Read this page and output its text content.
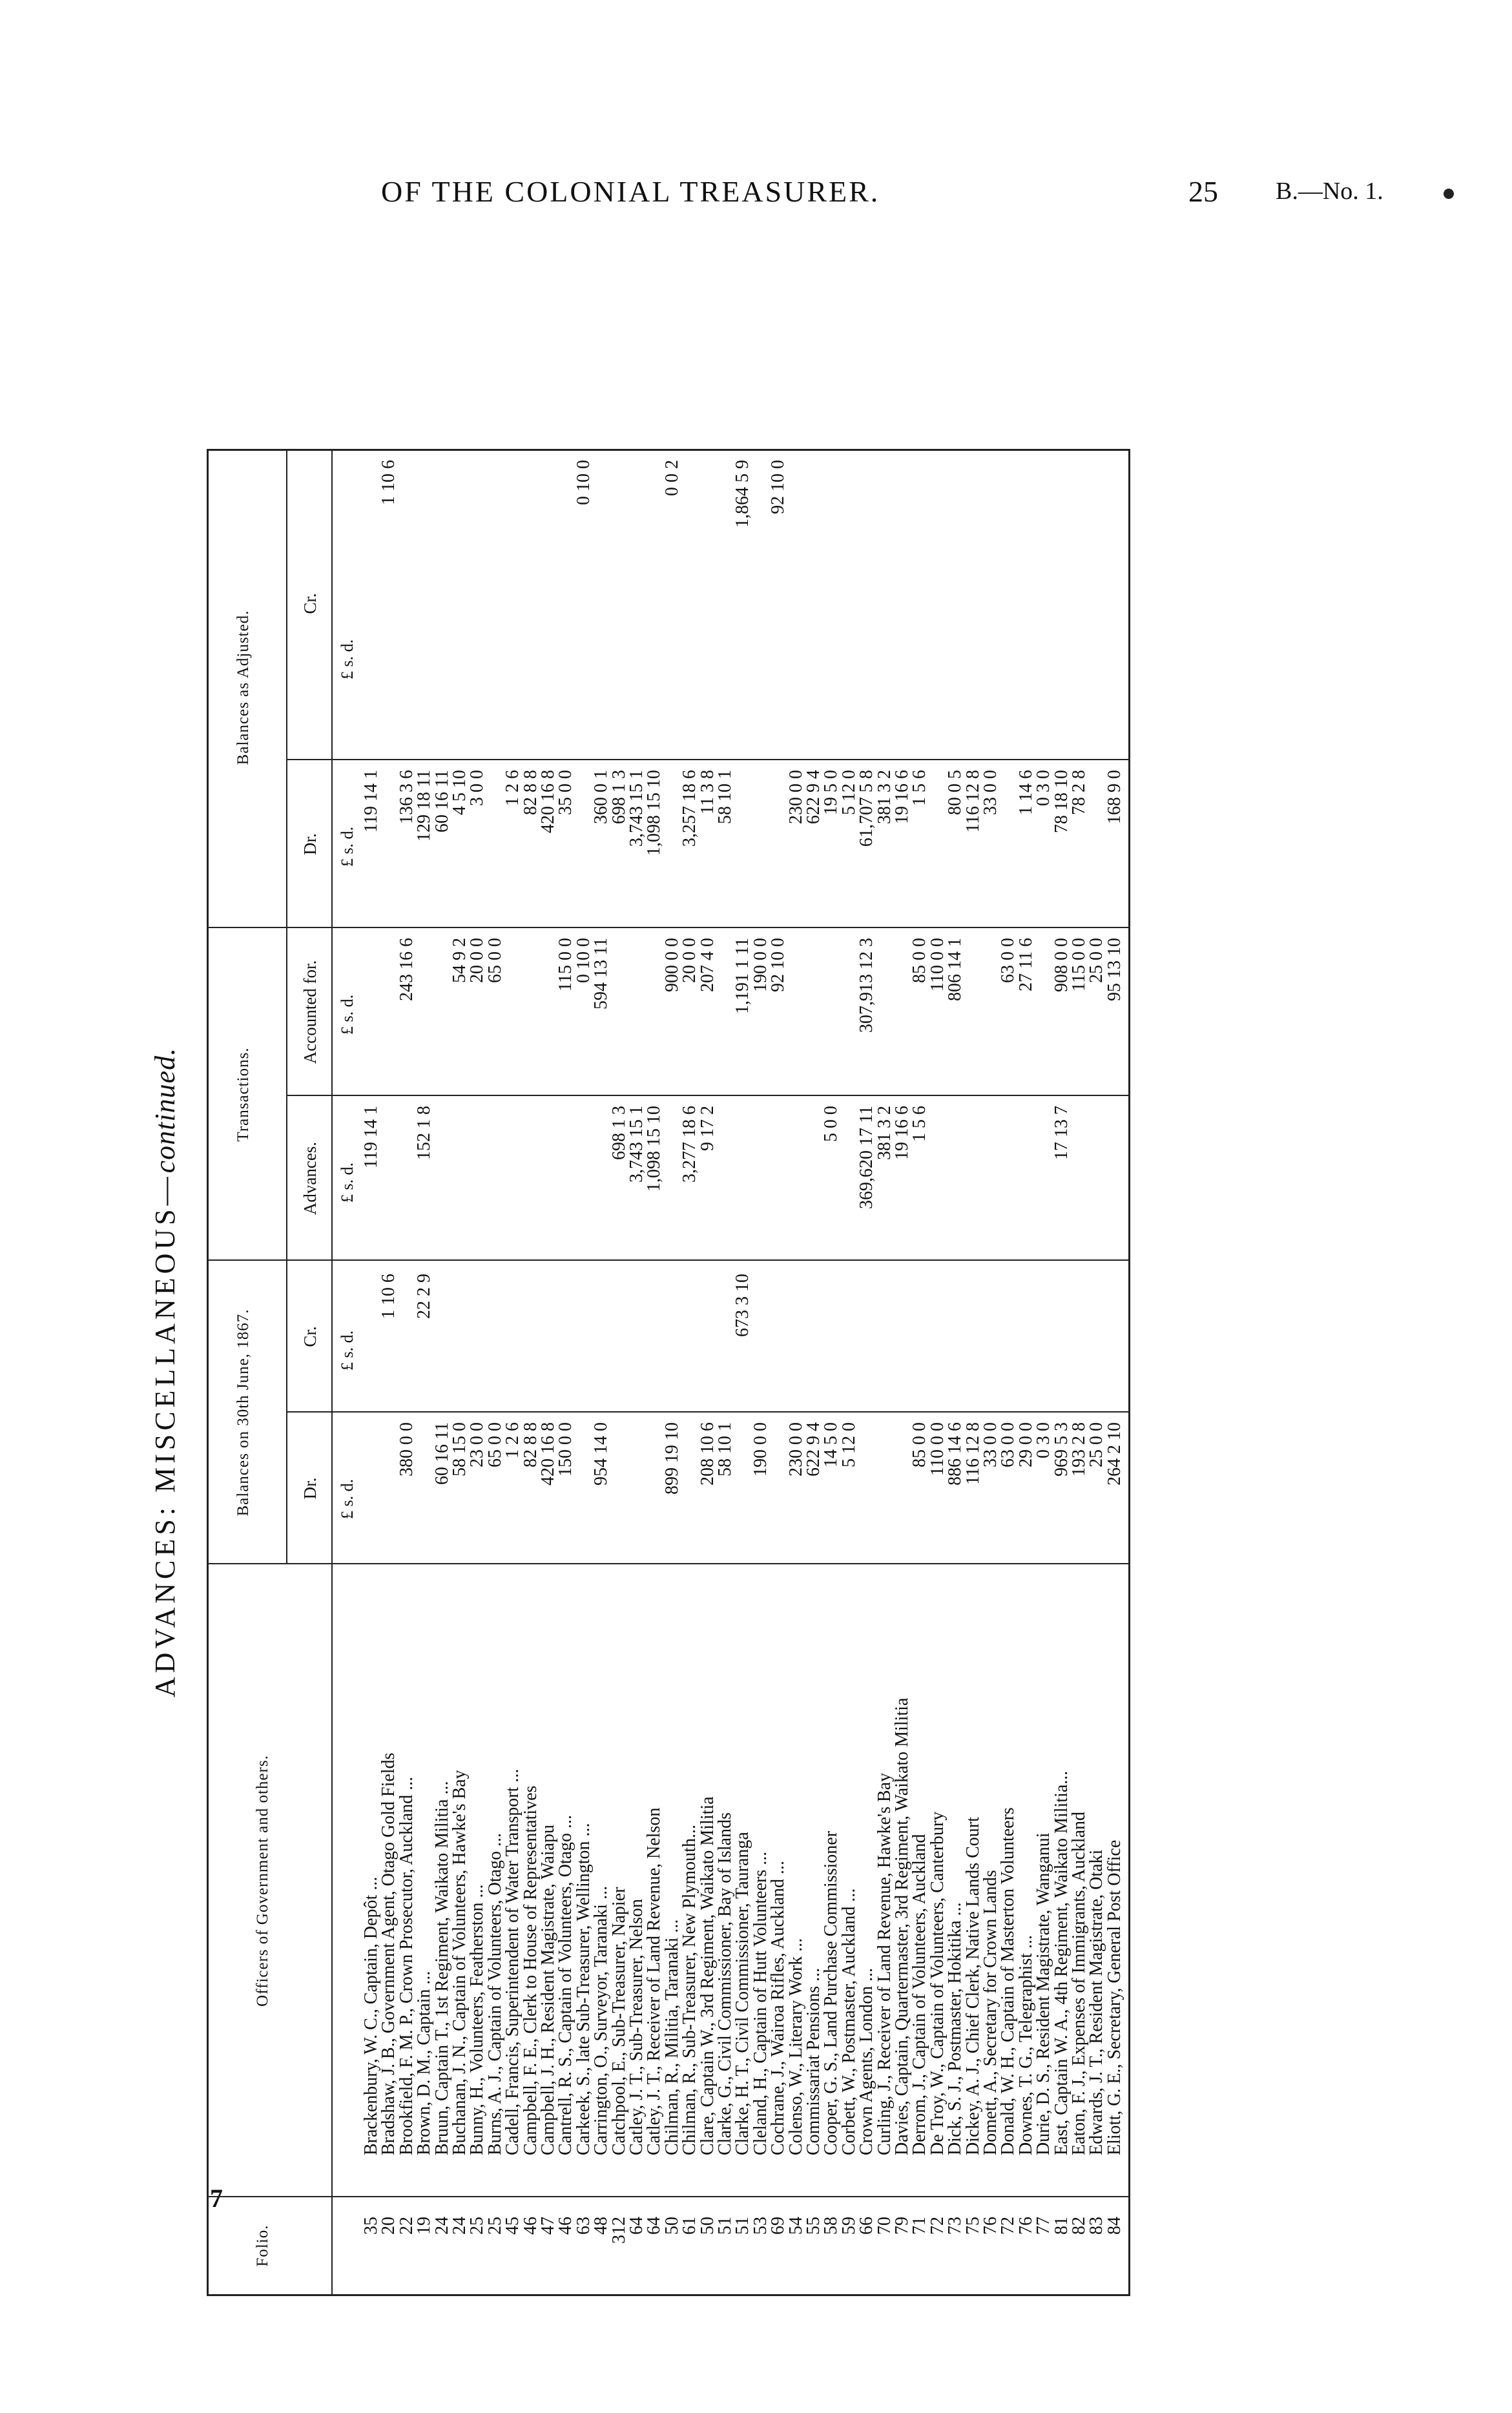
OF THE COLONIAL TREASURER.	25 B.—No. 1.
7
ADVANCES: MISCELLANEOUS—continued.
Folio.
Officers of Government and others.
Balances on 30th June, 1867.
Transactions.
Balances as Adjusted.
Dr.
Cr.
Advances.
Accounted for.
Dr.
Cr.
£ s. d.
£ s. d.
£ s. d.
£ s. d.
£ s. d.
£ s. d.
35
Brackenbury, W. C., Captain, Depôt ...
119 14 1
119 14 1
20
Bradshaw, J. B., Government Agent, Otago Gold Fields
1 10 6
1 10 6
22
Brookfield, F. M. P., Crown Prosecutor, Auckland ...
380 0 0
243 16 6
136 3 6
19
Brown, D. M., Captain ...
22 2 9
152 1 8
129 18 11
24
Bruun, Captain T., 1st Regiment, Waikato Militia ...
60 16 11
60 16 11
24
Buchanan, J. N., Captain of Volunteers, Hawke's Bay
58 15 0
54 9 2
4 5 10
25
Bunny, H., Volunteers, Featherston ...
23 0 0
20 0 0
3 0 0
25
Burns, A. J., Captain of Volunteers, Otago ...
65 0 0
65 0 0
45
Cadell, Francis, Superintendent of Water Transport ...
1 2 6
1 2 6
46
Campbell, F. E., Clerk to House of Representatives
82 8 8
82 8 8
47
Campbell, J. H., Resident Magistrate, Waiapu
420 16 8
420 16 8
46
Cantrell, R. S., Captain of Volunteers, Otago ...
150 0 0
115 0 0
35 0 0
63
Carkeek, S., late Sub-Treasurer, Wellington ...
0 10 0
0 10 0
48
Carrington, O., Surveyor, Taranaki ...
954 14 0
594 13 11
360 0 1
312
Catchpool, E., Sub-Treasurer, Napier
698 1 3
698 1 3
64
Catley, J. T., Sub-Treasurer, Nelson
3,743 15 1
3,743 15 1
64
Catley, J. T., Receiver of Land Revenue, Nelson
1,098 15 10
1,098 15 10
50
Chilman, R., Militia, Taranaki ...
899 19 10
900 0 0
0 0 2
61
Chilman, R., Sub-Treasurer, New Plymouth...
3,277 18 6
20 0 0
3,257 18 6
50
Clare, Captain W., 3rd Regiment, Waikato Militia
208 10 6
9 17 2
207 4 0
11 3 8
51
Clarke, G., Civil Commissioner, Bay of Islands
58 10 1
58 10 1
51
Clarke, H. T., Civil Commissioner, Tauranga
673 3 10
1,191 1 11
1,864 5 9
53
Cleland, H., Captain of Hutt Volunteers ...
190 0 0
190 0 0
69
Cochrane, J., Wairoa Rifles, Auckland ...
92 10 0
92 10 0
54
Colenso, W., Literary Work ...
230 0 0
230 0 0
55
Commissariat Pensions ...
622 9 4
622 9 4
58
Cooper, G. S., Land Purchase Commissioner
14 5 0
5 0 0
19 5 0
59
Corbett, W., Postmaster, Auckland ...
5 12 0
5 12 0
66
Crown Agents, London ...
369,620 17 11
307,913 12 3
61,707 5 8
70
Curling, J., Receiver of Land Revenue, Hawke's Bay
381 3 2
381 3 2
79
Davies, Captain, Quartermaster, 3rd Regiment, Waikato Militia
19 16 6
19 16 6
71
Derrom, J., Captain of Volunteers, Auckland
85 0 0
1 5 6
85 0 0
1 5 6
72
De Troy, W., Captain of Volunteers, Canterbury
110 0 0
110 0 0
73
Dick, S. J., Postmaster, Hokitika ...
886 14 6
806 14 1
80 0 5
75
Dickey, A. J., Chief Clerk, Native Lands Court
116 12 8
116 12 8
76
Domett, A., Secretary for Crown Lands
33 0 0
33 0 0
72
Donald, W. H., Captain of Masterton Volunteers
63 0 0
63 0 0
76
Downes, T. G., Telegraphist ...
29 0 0
27 11 6
1 14 6
77
Durie, D. S., Resident Magistrate, Wanganui
0 3 0
0 3 0
81
East, Captain W. A., 4th Regiment, Waikato Militia...
969 5 3
17 13 7
908 0 0
78 18 10
82
Eaton, F. J., Expenses of Immigrants, Auckland
193 2 8
115 0 0
78 2 8
83
Edwards, J. T., Resident Magistrate, Otaki
25 0 0
25 0 0
84
Eliott, G. E., Secretary, General Post Office
264 2 10
95 13 10
168 9 0
